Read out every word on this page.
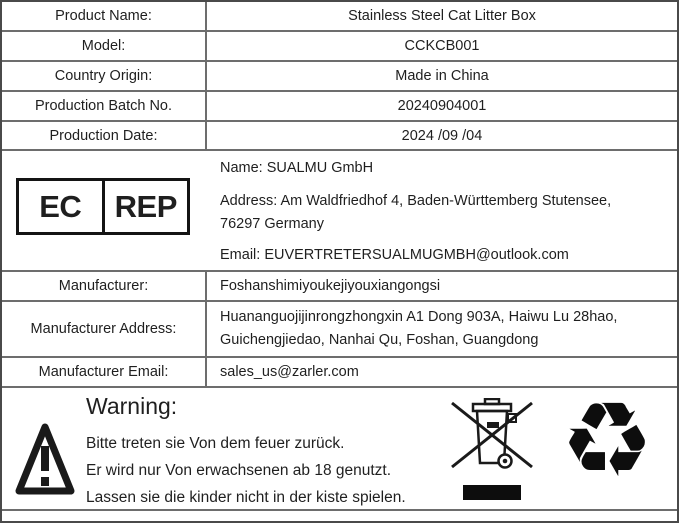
Product Name:	Stainless Steel Cat Litter Box
Model:	CCKCB001
Country Origin:	Made in China
Production Batch No.	20240904001
Production Date:	2024 /09 /04
EC	REP

Name: SUALMU GmbH

Address: Am Waldfriedhof 4, Baden-Württemberg Stutensee, 76297 Germany

Email: EUVERTRETERSUALMUGMBH@outlook.com

Manufacturer:	Foshanshimiyoukejiyouxiangongsi
Manufacturer Address:
Huananguojijinrongzhongxin A1 Dong 903A, Haiwu Lu 28hao, Guichengjiedao, Nanhai Qu, Foshan, Guangdong
Manufacturer Email:	sales_us@zarler.com
Warning:
Bitte treten sie Von dem feuer zurück.
Er wird nur Von erwachsenen ab 18 genutzt.
Lassen sie die kinder nicht in der kiste spielen. ♻
